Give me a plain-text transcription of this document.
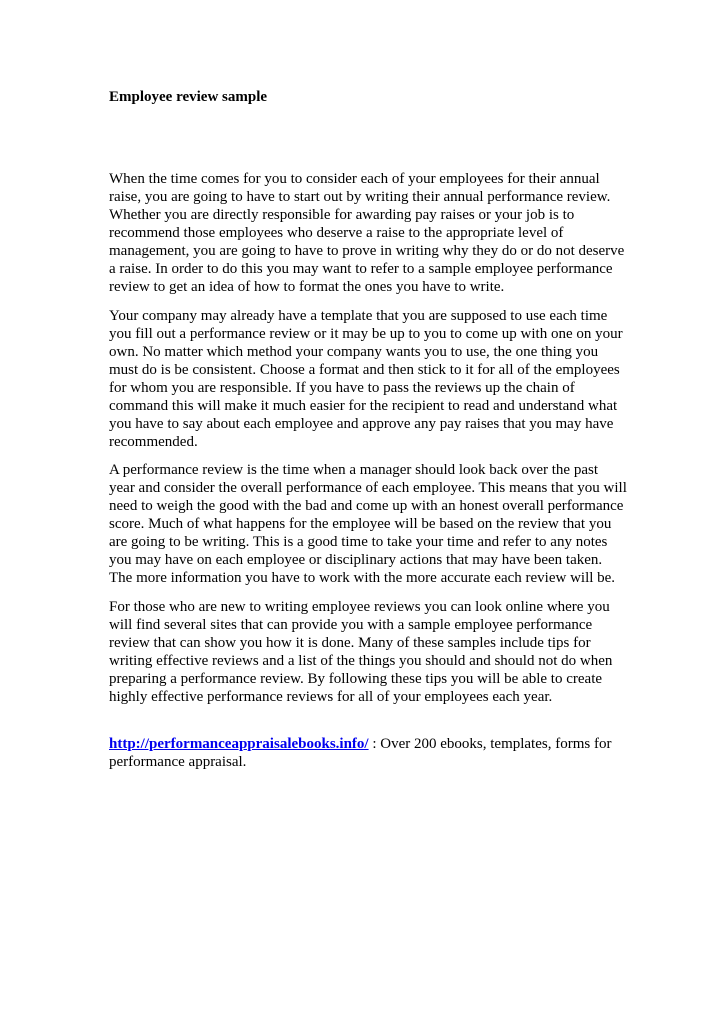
Employee review sample

When the time comes for you to consider each of your employees for their annual
raise, you are going to have to start out by writing their annual performance review.
Whether you are directly responsible for awarding pay raises or your job is to
recommend those employees who deserve a raise to the appropriate level of
management, you are going to have to prove in writing why they do or do not deserve
a raise. In order to do this you may want to refer to a sample employee performance
review to get an idea of how to format the ones you have to write.

Your company may already have a template that you are supposed to use each time
you fill out a performance review or it may be up to you to come up with one on your
own. No matter which method your company wants you to use, the one thing you
must do is be consistent. Choose a format and then stick to it for all of the employees
for whom you are responsible. If you have to pass the reviews up the chain of
command this will make it much easier for the recipient to read and understand what
you have to say about each employee and approve any pay raises that you may have
recommended.

A performance review is the time when a manager should look back over the past
year and consider the overall performance of each employee. This means that you will
need to weigh the good with the bad and come up with an honest overall performance
score. Much of what happens for the employee will be based on the review that you
are going to be writing. This is a good time to take your time and refer to any notes
you may have on each employee or disciplinary actions that may have been taken.
The more information you have to work with the more accurate each review will be.

For those who are new to writing employee reviews you can look online where you
will find several sites that can provide you with a sample employee performance
review that can show you how it is done. Many of these samples include tips for
writing effective reviews and a list of the things you should and should not do when
preparing a performance review. By following these tips you will be able to create
highly effective performance reviews for all of your employees each year.

http://performanceappraisalebooks.info/ : Over 200 ebooks, templates, forms for
performance appraisal.
